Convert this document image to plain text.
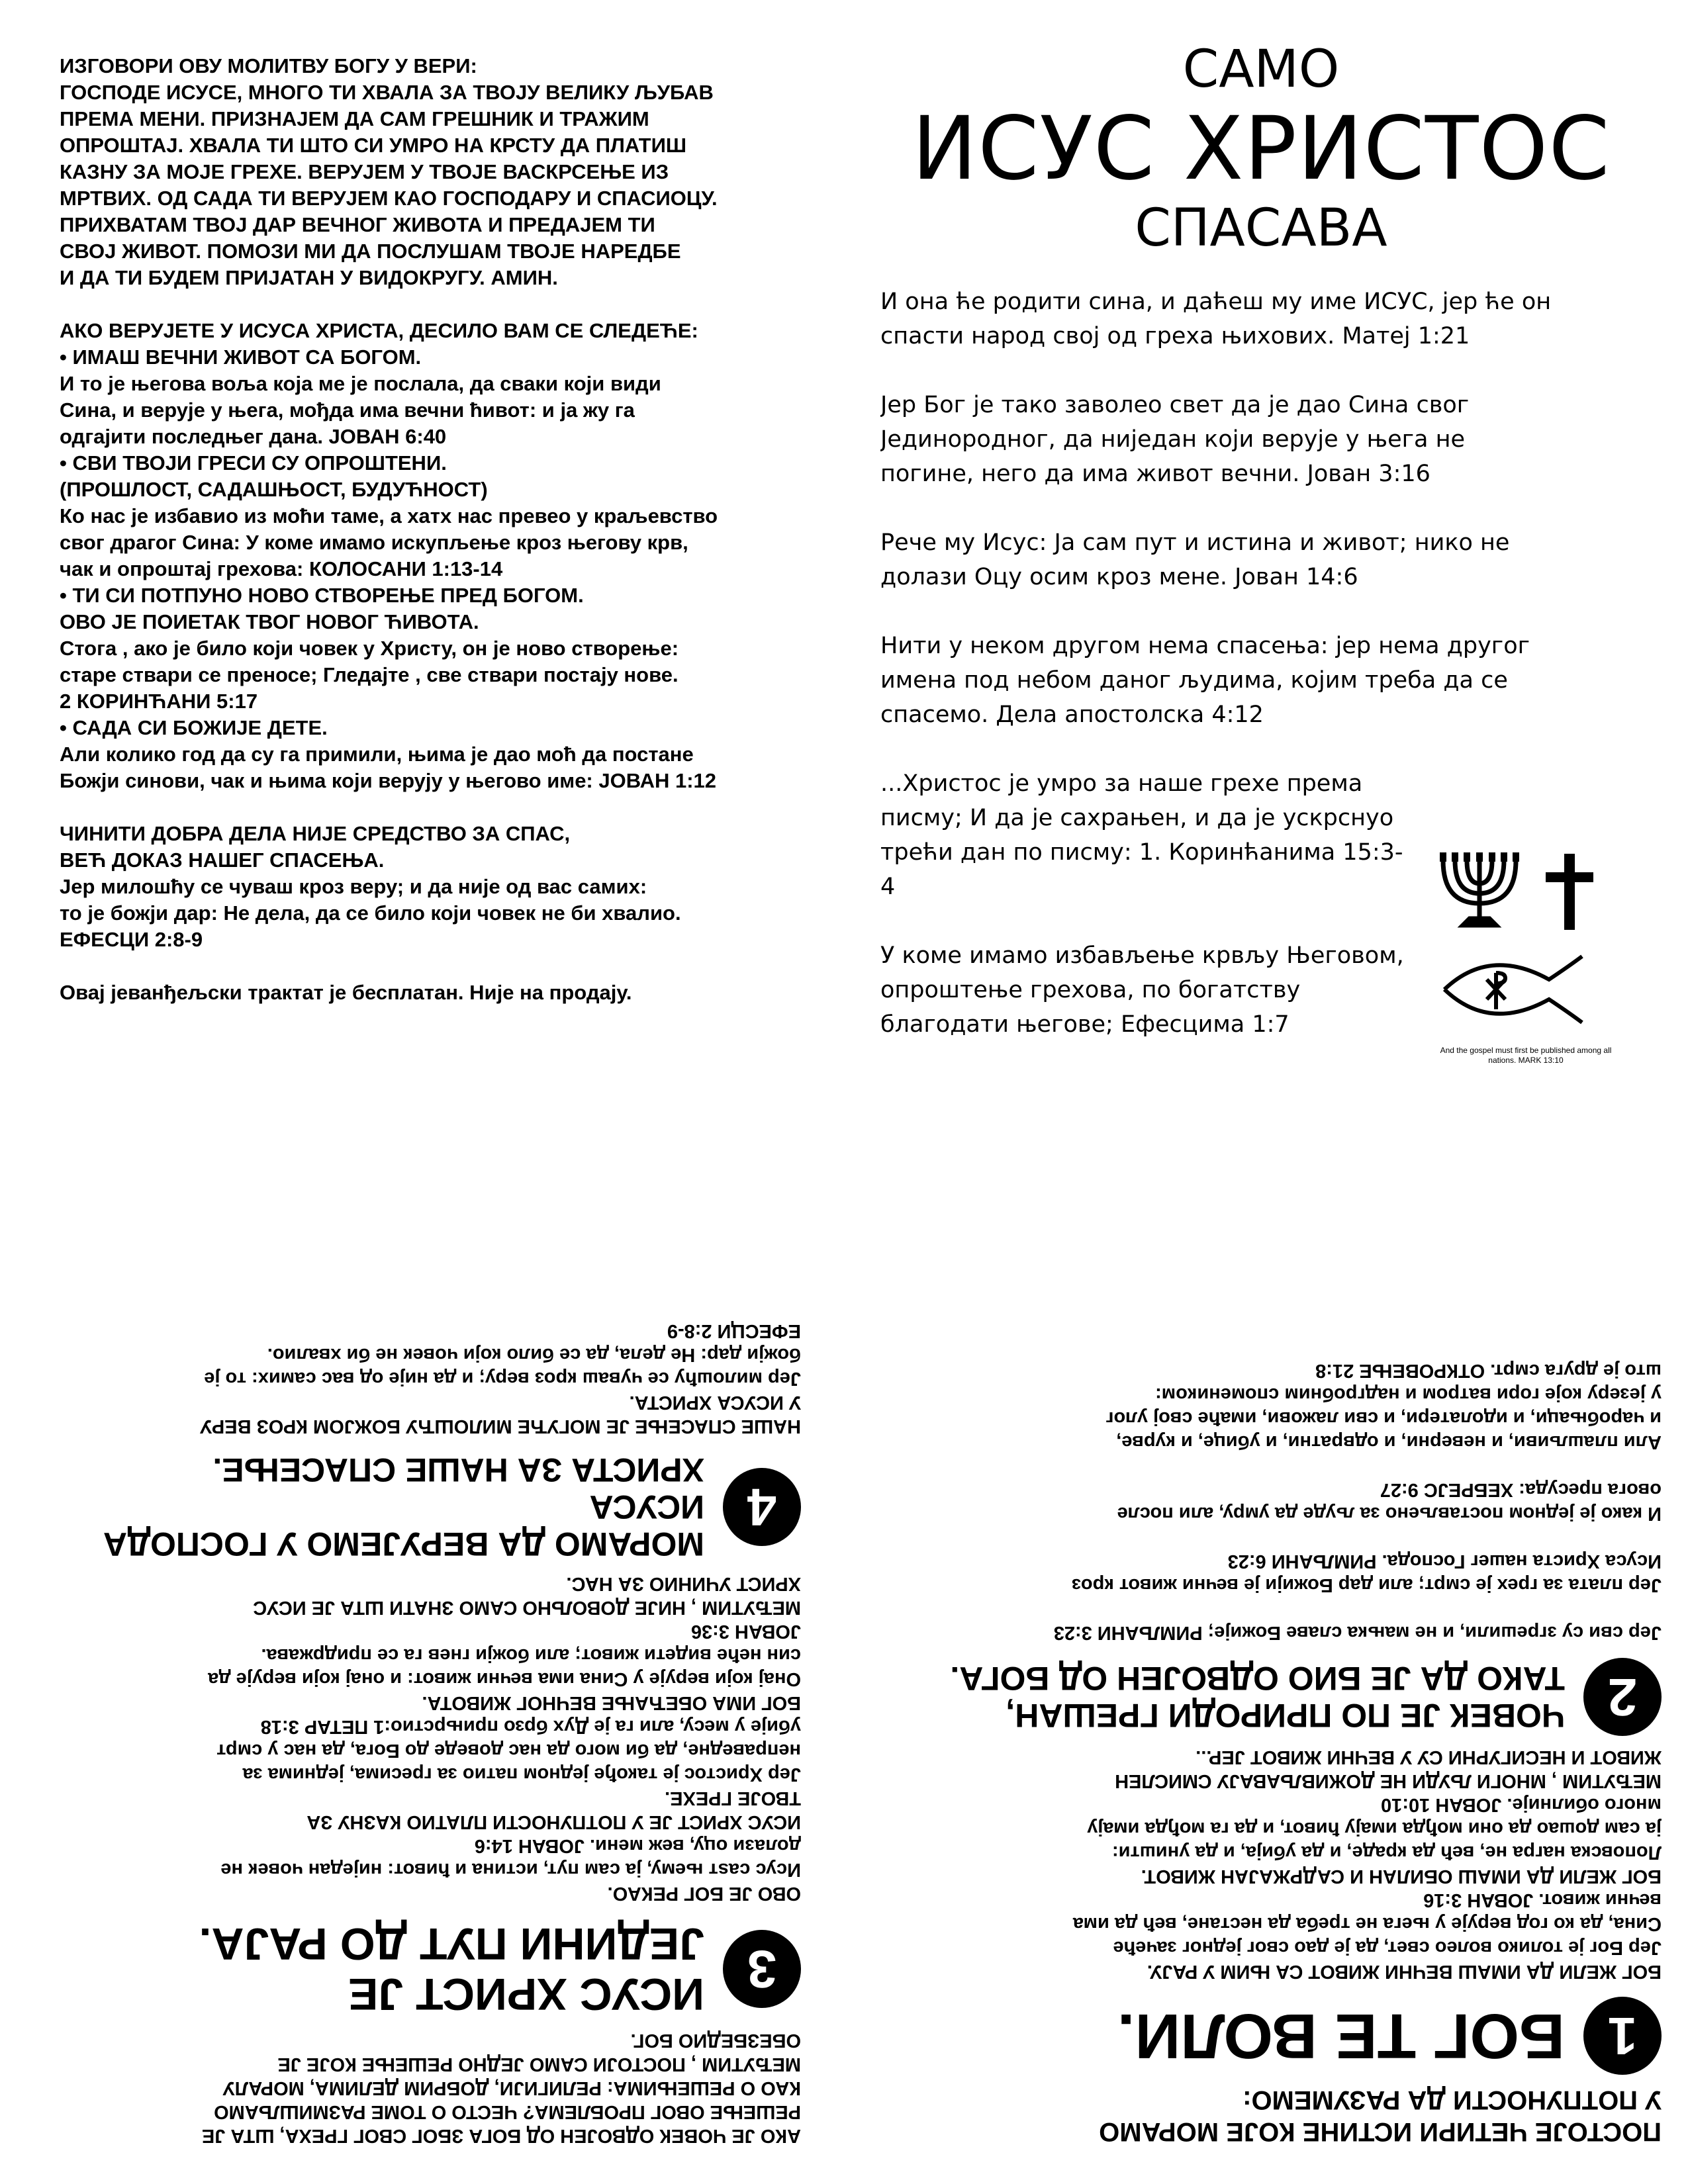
ИЗГОВОРИ ОВУ МОЛИТВУ БОГУ У ВЕРИ:

ГОСПОДЕ ИСУСЕ, МНОГО ТИ ХВАЛА ЗА ТВОЈУ ВЕЛИКУ ЉУБАВ

ПРЕМА МЕНИ. ПРИЗНАЈЕМ ДА САМ ГРЕШНИК И ТРАЖИМ

ОПРОШТАЈ. ХВАЛА ТИ ШТО СИ УМРО НА КРСТУ ДА ПЛАТИШ

КАЗНУ ЗА МОЈЕ ГРЕХЕ. ВЕРУЈЕМ У ТВОЈЕ ВАСКРСЕЊЕ ИЗ

МРТВИХ. ОД САДА ТИ ВЕРУЈЕМ КАО ГОСПОДАРУ И СПАСИОЦУ.

ПРИХВАТАМ ТВОЈ ДАР ВЕЧНОГ ЖИВОТА И ПРЕДАЈЕМ ТИ

СВОЈ ЖИВОТ. ПОМОЗИ МИ ДА ПОСЛУШАМ ТВОЈЕ НАРЕДБЕ

И ДА ТИ БУДЕМ ПРИЈАТАН У ВИДОКРУГУ. АМИН.

АКО ВЕРУЈЕТЕ У ИСУСА ХРИСТА, ДЕСИЛО ВАМ СЕ СЛЕДЕЋЕ:

• ИМАШ ВЕЧНИ ЖИВОТ СА БОГОМ.

И то је његова воља која ме је послала, да сваки који види

Сина, и верује у њега, мођда има вечни ћивот: и ја жу га

одгајити последњег дана. ЈОВАН 6:40

• СВИ ТВОЈИ ГРЕСИ СУ ОПРОШТЕНИ.

(ПРОШЛОСТ, САДАШЊОСТ, БУДУЋНОСТ)

Ко нас је избавио из моћи таме, а хатх нас превео у краљевство

свог драгог Сина: У коме имамо искупљење кроз његову крв,

чак и опроштај грехова: КОЛОСАНИ 1:13-14

• ТИ СИ ПОТПУНО НОВО СТВОРЕЊЕ ПРЕД БОГОМ.

ОВО ЈЕ ПОИЕТАК ТВОГ НОВОГ ЋИВОТА.

Стога , ако је било који човек у Христу, он је ново створење:

старе ствари се преносе; Гледајте , све ствари постају нове.

2 КОРИНЋАНИ 5:17

• САДА СИ БОЖИЈЕ ДЕТЕ.

Али колико год да су га примили, њима је дао моћ да постане

Божји синови, чак и њима који верују у његово име: ЈОВАН 1:12

ЧИНИТИ ДОБРА ДЕЛА НИЈЕ СРЕДСТВО ЗА СПАС,

ВЕЋ ДОКАЗ НАШЕГ СПАСЕЊА.

Јер милошћу се чуваш кроз веру; и да није од вас самих:

то је божји дар: Не дела, да се било који човек не би хвалио.

ЕФЕСЦИ 2:8-9

Овај јеванђељски трактат је бесплатан. Није на продају.

САМО

ИСУС ХРИСТОС

СПАСАВА

И она ће родити сина, и даћеш му име ИСУС, јер ће он спасти народ свој од греха њихових. Матеј 1:21

Јер Бог је тако заволео свет да је дао Сина свог Јединородног, да ниједан који верује у њега не погине, него да има живот вечни. Јован 3:16

Рече му Исус: Ја сам пут и истина и живот; нико не долази Оцу осим кроз мене. Јован 14:6

Нити у неком другом нема спасења: јер нема другог имена под небом даног људима, којим треба да се спасемо. Дела апостолска 4:12

...Христос је умро за наше грехе према писму; И да је сахрањен, и да је ускрснуо трећи дан по писму: 1. Коринћанима 15:3-4

У коме имамо избављење крвљу Његовом, опроштење грехова, по богатству благодати његове; Ефесцима 1:7

And the gospel must first be published among all nations. MARK 13:10

АКО ЈЕ ЧОВЕК ОДВОЈЕН ОД БОГА ЗБОГ СВОГ ГРЕХА, ШТА ЈЕ

РЕШЕЊЕ ОВОГ ПРОБЛЕМА? ЧЕСТО О ТОМЕ РАЗМИШЉАМО

КАО О РЕШЕЊИМА: РЕЛИГИЈИ, ДОБРИМ ДЕЛИМА, МОРАЛУ

МЕЂУТИМ , ПОСТОЈИ САМО ЈЕДНО РЕШЕЊЕ КОЈЕ ЈЕ

ОБЕЗБЕДИО БОГ.

3
ИСУС ХРИСТ ЈЕ
ЈЕДИНИ ПУТ ДО РАЈА.

ОВО ЈЕ БОГ РЕКАО.

Исус саѕт њему, ја сам пут, истина и ћивот: ниједан човек не

долази оцу, веж мени. ЈОВАН 14:6

ИСУС ХРИСТ ЈЕ У ПОТПУНОСТИ ПЛАТИО КАЗНУ ЗА

ТВОЈЕ ГРЕХЕ.

Јер Христос је такође једном патио за гресима, једнима за

неправедне, да би мого да нас доведе до Бога, да нас у смрт

убије у месу, али га је Дух брзо прињрстио:1 ПЕТАР 3:18

БОГ ИМА ОБЕЋАЊЕ ВЕЧНОГ ЖИВОТА.

Онај који верује у Сина има вечни живот: и онај који верује да

син неће видети живот; али божји гнев га се придржава.

ЈОВАН 3:36

МЕЂУТИМ , НИЈЕ ДОВОЉНО САМО ЗНАТИ ШТА ЈЕ ИСУС

ХРИСТ УЧИНИО ЗА НАС.

4
МОРАМО ДА ВЕРУЈЕМО У ГОСПОДА ИСУСА
ХРИСТА ЗА НАШЕ СПАСЕЊЕ.

НАШЕ СПАСЕЊЕ ЈЕ МОГУЋЕ МИЛОШЋУ БОЖЈОМ КРОЗ ВЕРУ

У ИСУСА ХРИСТА.

Јер милошћу се чуваш кроз веру; и да није од вас самих: то је

божји дар: Не дела, да се било који човек не би хвалио.

ЕФЕСЦИ 2:8-9

ПОСТОЈЕ ЧЕТИРИ ИСТИНЕ КОЈЕ МОРАМО

У ПОТПУНОСТИ ДА РАЗУМЕМО:

1
БОГ ТЕ ВОЛИ.

БОГ ЖЕЛИ ДА ИМАШ ВЕЧНИ ЖИВОТ СА ЊИМ У РАЈУ.

Јер Бог је толико волео свет, да је дао свог једног зачеће

Сина, да ко год верује у њега не треба да нестане, већ да има

вечни живот. ЈОВАН 3:16

БОГ ЖЕЛИ ДА ИМАШ ОБИЛАН И САДРЖАЈАН ЖИВОТ.

Лоповска награ не, већ да краде, и да убија, и да уништи:

ја сам дошао да они мођда имају ћивот, и да га мођда имају

много обилније. ЈОВАН 10:10

МЕЂУТИМ , МНОГИ ЉУДИ НЕ ДОЖИВЉАВАЈУ СМИСЛЕН

ЖИВОТ И НЕСИГУРНИ СУ У ВЕЧНИ ЖИВОТ ЈЕР...

2
ЧОВЕК ЈЕ ПО ПРИРОДИ ГРЕШАН,
ТАКО ДА ЈЕ БИО ОДВОЈЕН ОД БОГА.

Јер сви су згрешили, и не мањка славе Божије; РИМЉАНИ 3:23

Јер плата за грех је смрт; али дар Божији је вечни живот кроз

Исуса Христа нашег Господа. РИМЉАНИ 6:23

И како је једном постављено за људе да умру, али после

овога пресуда: ХЕБРЕЈС 9:27

Али плашљиви, и неверни, и одвратни, и убице, и курве,

и чаробњаци, и идолатери, и сви лажови, имаће свој улог

у језеру које гори ватром и надгробним споменикoм:

што је друга смрт. ОТКРОВЕЊЕ 21:8
